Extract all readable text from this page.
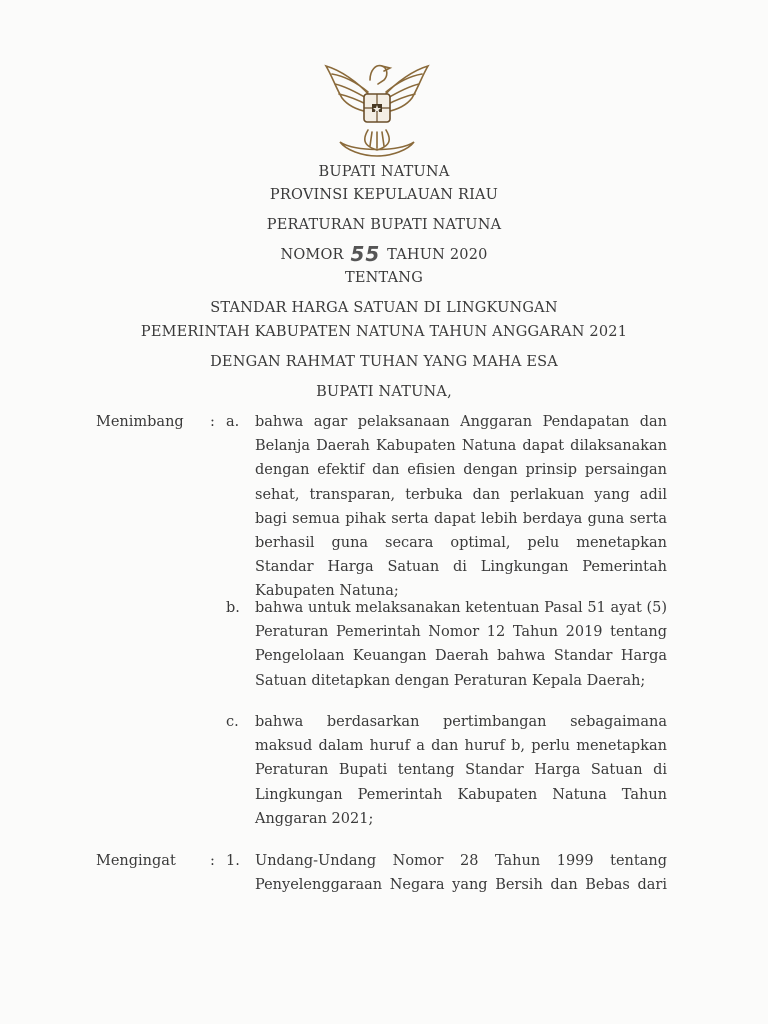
BUPATI NATUNA
PROVINSI KEPULAUAN RIAU
PERATURAN BUPATI NATUNA
NOMOR 55 TAHUN 2020
TENTANG
STANDAR HARGA SATUAN DI LINGKUNGAN
PEMERINTAH KABUPATEN NATUNA TAHUN ANGGARAN 2021
DENGAN RAHMAT TUHAN YANG MAHA ESA
BUPATI NATUNA,
Menimbang : a. bahwa agar pelaksanaan Anggaran Pendapatan dan Belanja Daerah Kabupaten Natuna dapat dilaksanakan dengan efektif dan efisien dengan prinsip persaingan sehat, transparan, terbuka dan perlakuan yang adil bagi semua pihak serta dapat lebih berdaya guna serta berhasil guna secara optimal, pelu menetapkan Standar Harga Satuan di Lingkungan Pemerintah Kabupaten Natuna;
b. bahwa untuk melaksanakan ketentuan Pasal 51 ayat (5) Peraturan Pemerintah Nomor 12 Tahun 2019 tentang Pengelolaan Keuangan Daerah bahwa Standar Harga Satuan ditetapkan dengan Peraturan Kepala Daerah;
c. bahwa berdasarkan pertimbangan sebagaimana maksud dalam huruf a dan huruf b, perlu menetapkan Peraturan Bupati tentang Standar Harga Satuan di Lingkungan Pemerintah Kabupaten Natuna Tahun Anggaran 2021;
Mengingat : 1. Undang-Undang Nomor 28 Tahun 1999 tentang Penyelenggaraan Negara yang Bersih dan Bebas dari
